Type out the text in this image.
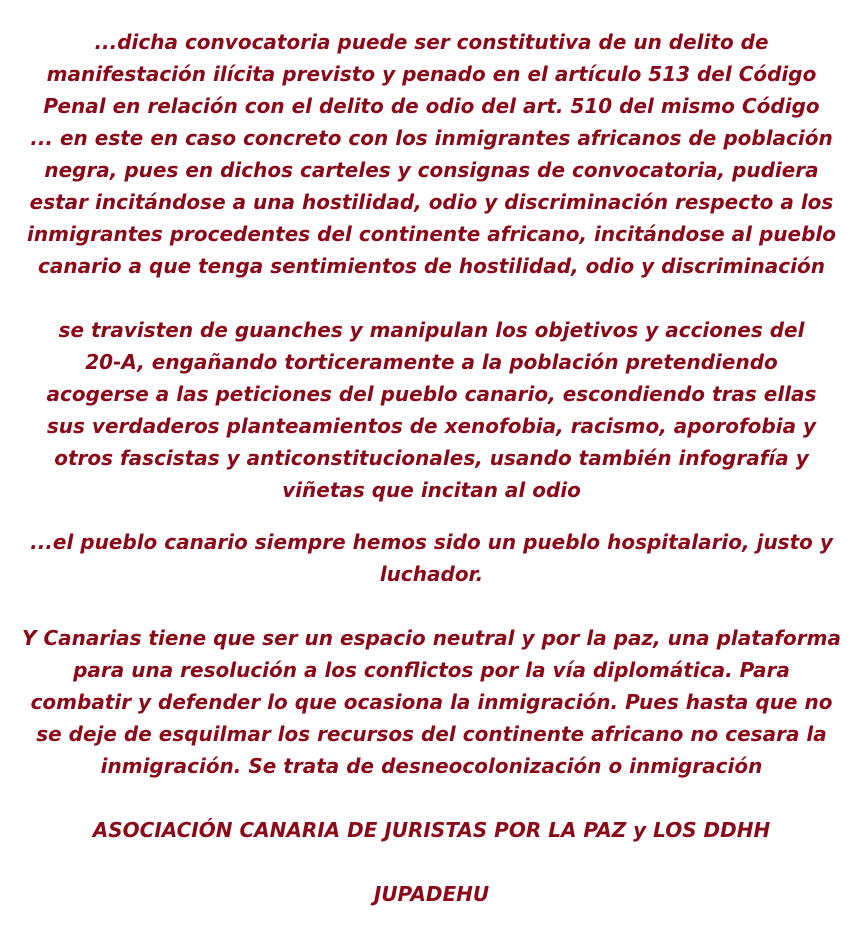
...dicha convocatoria puede ser constitutiva de un delito de

manifestación ilícita previsto y penado en el artículo 513 del Código

Penal en relación con el delito de odio del art. 510 del mismo Código

... en este en caso concreto con los inmigrantes africanos de población

negra, pues en dichos carteles y consignas de convocatoria, pudiera

estar incitándose a una hostilidad, odio y discriminación respecto a los

inmigrantes procedentes del continente africano, incitándose al pueblo

canario a que tenga sentimientos de hostilidad, odio y discriminación

se travisten de guanches y manipulan los objetivos y acciones del

20-A, engañando torticeramente a la población pretendiendo

acogerse a las peticiones del pueblo canario, escondiendo tras ellas

sus verdaderos planteamientos de xenofobia, racismo, aporofobia y

otros fascistas y anticonstitucionales, usando también infografía y

viñetas que incitan al odio

...el pueblo canario siempre hemos sido un pueblo hospitalario, justo y

luchador.

Y Canarias tiene que ser un espacio neutral y por la paz, una plataforma

para una resolución a los conflictos por la vía diplomática. Para

combatir y defender lo que ocasiona la inmigración. Pues hasta que no

se deje de esquilmar los recursos del continente africano no cesara la

inmigración. Se trata de desneocolonización o inmigración

ASOCIACIÓN CANARIA DE JURISTAS POR LA PAZ y LOS DDHH

JUPADEHU
